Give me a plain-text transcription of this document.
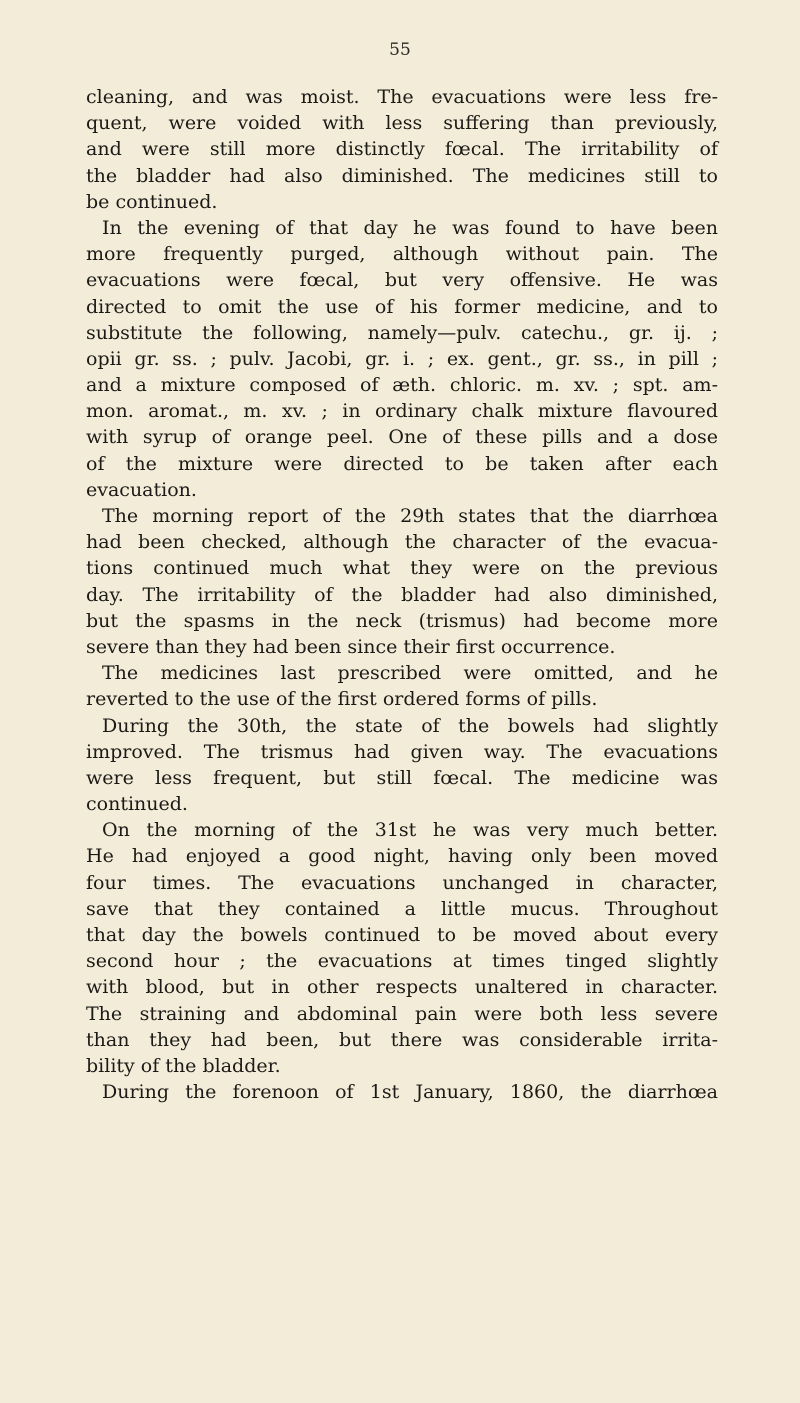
55
cleaning, and was moist. The evacuations were less fre-
quent, were voided with less suffering than previously,
and were still more distinctly fœcal. The irritability of
the bladder had also diminished. The medicines still to
be continued.
In the evening of that day he was found to have been
more frequently purged, although without pain. The
evacuations were fœcal, but very offensive. He was
directed to omit the use of his former medicine, and to
substitute the following, namely—pulv. catechu., gr. ij. ;
opii gr. ss. ; pulv. Jacobi, gr. i. ; ex. gent., gr. ss., in pill ;
and a mixture composed of æth. chloric. m. xv. ; spt. am-
mon. aromat., m. xv. ; in ordinary chalk mixture flavoured
with syrup of orange peel. One of these pills and a dose
of the mixture were directed to be taken after each
evacuation.
The morning report of the 29th states that the diarrhœa
had been checked, although the character of the evacua-
tions continued much what they were on the previous
day. The irritability of the bladder had also diminished,
but the spasms in the neck (trismus) had become more
severe than they had been since their first occurrence.
The medicines last prescribed were omitted, and he
reverted to the use of the first ordered forms of pills.
During the 30th, the state of the bowels had slightly
improved. The trismus had given way. The evacuations
were less frequent, but still fœcal. The medicine was
continued.
On the morning of the 31st he was very much better.
He had enjoyed a good night, having only been moved
four times. The evacuations unchanged in character,
save that they contained a little mucus. Throughout
that day the bowels continued to be moved about every
second hour ; the evacuations at times tinged slightly
with blood, but in other respects unaltered in character.
The straining and abdominal pain were both less severe
than they had been, but there was considerable irrita-
bility of the bladder.
During the forenoon of 1st January, 1860, the diarrhœa
